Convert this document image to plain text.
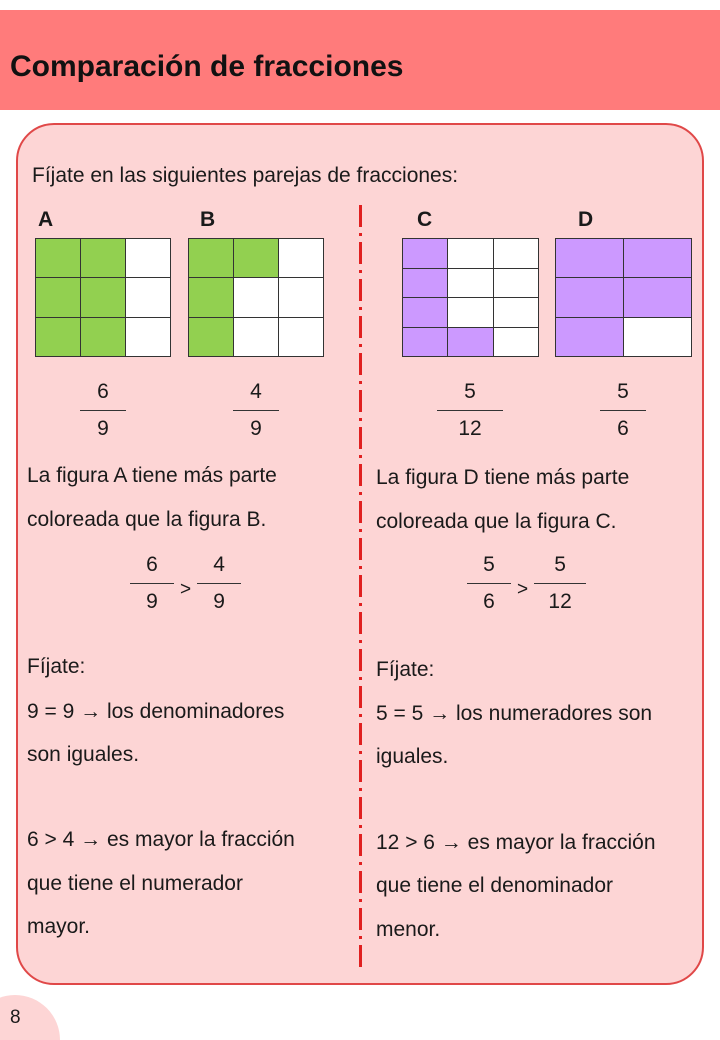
Comparación de fracciones
Fíjate en las siguientes parejas de fracciones:
A	B	C	D
6
9
4
9
5
12
5
6
La figura A tiene más parte
coloreada que la figura B.
$\frac{6}{9} > \frac{4}{9}$
Fíjate:
9 = 9 → los denominadores
son iguales.
6 > 4 → es mayor la fracción
que tiene el numerador
mayor.
La figura D tiene más parte
coloreada que la figura C.
$\frac{5}{6} > \frac{5}{12}$
Fíjate:
5 = 5 → los numeradores son
iguales.
12 > 6 → es mayor la fracción
que tiene el denominador
menor.
8
